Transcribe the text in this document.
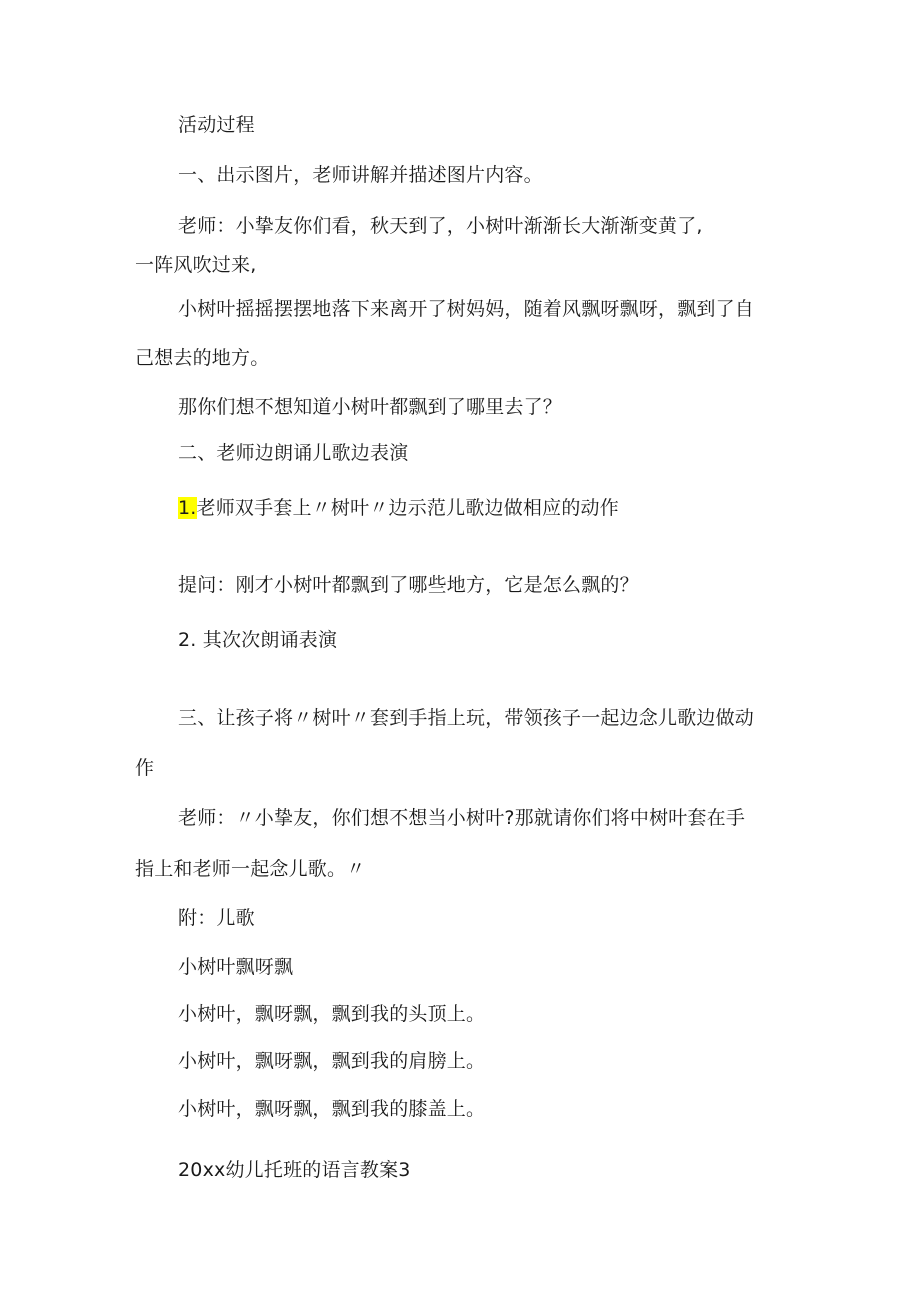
活动过程
一、出示图片，老师讲解并描述图片内容。
老师：小挚友你们看，秋天到了，小树叶渐渐长大渐渐变黄了,
一阵风吹过来,
小树叶摇摇摆摆地落下来离开了树妈妈，随着风飘呀飘呀，飘到了自
己想去的地方。
那你们想不想知道小树叶都飘到了哪里去了？
二、老师边朗诵儿歌边表演
1.老师双手套上〃树叶〃边示范儿歌边做相应的动作
提问：刚才小树叶都飘到了哪些地方，它是怎么飘的？
2. 其次次朗诵表演
三、让孩子将〃树叶〃套到手指上玩，带领孩子一起边念儿歌边做动
作
老师：〃小挚友，你们想不想当小树叶?那就请你们将中树叶套在手
指上和老师一起念儿歌。〃
附：儿歌
小树叶飘呀飘
小树叶，飘呀飘，飘到我的头顶上。
小树叶，飘呀飘，飘到我的肩膀上。
小树叶，飘呀飘，飘到我的膝盖上。
20xx幼儿托班的语言教案3
